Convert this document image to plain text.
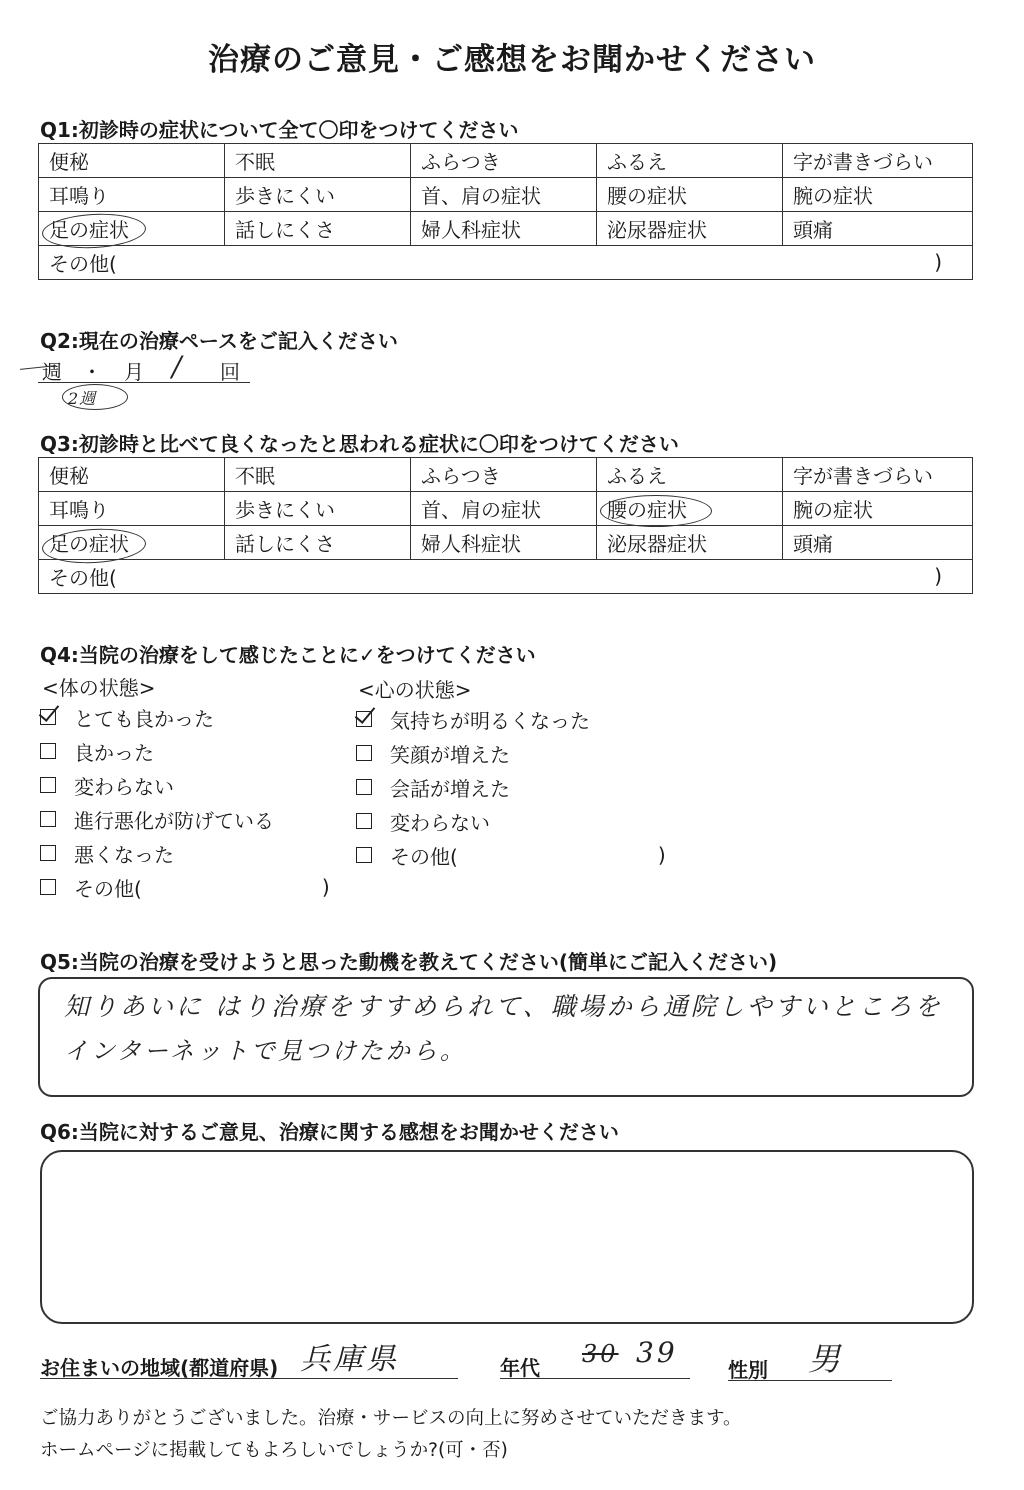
治療のご意見・ご感想をお聞かせください
Q1:初診時の症状について全て〇印をつけてください
便秘	不眠	ふらつき	ふるえ	字が書きづらい
耳鳴り	歩きにくい	首、肩の症状	腰の症状	腕の症状
足の症状	話しにくさ	婦人科症状	泌尿器症状	頭痛
その他( )				
Q2:現在の治療ペースをご記入ください
週 ・ 月 / 回
2週
Q3:初診時と比べて良くなったと思われる症状に〇印をつけてください
便秘	不眠	ふらつき	ふるえ	字が書きづらい
耳鳴り	歩きにくい	首、肩の症状	腰の症状	腕の症状
足の症状	話しにくさ	婦人科症状	泌尿器症状	頭痛
その他( )				
Q4:当院の治療をして感じたことに✓をつけてください
<体の状態>	<心の状態>
とても良かった
良かった
変わらない
進行悪化が防げている
悪くなった
その他(	)
気持ちが明るくなった
笑顔が増えた
会話が増えた
変わらない
その他(	)
Q5:当院の治療を受けようと思った動機を教えてください(簡単にご記入ください)
知りあいに はり治療をすすめられて、職場から通院しやすいところを
インターネットで見つけたから。
Q6:当院に対するご意見、治療に関する感想をお聞かせください
お住まいの地域(都道府県) 兵庫県	年代 30 39
性別 男
ご協力ありがとうございました。治療・サービスの向上に努めさせていただきます。
ホームページに掲載してもよろしいでしょうか?(可・否)
